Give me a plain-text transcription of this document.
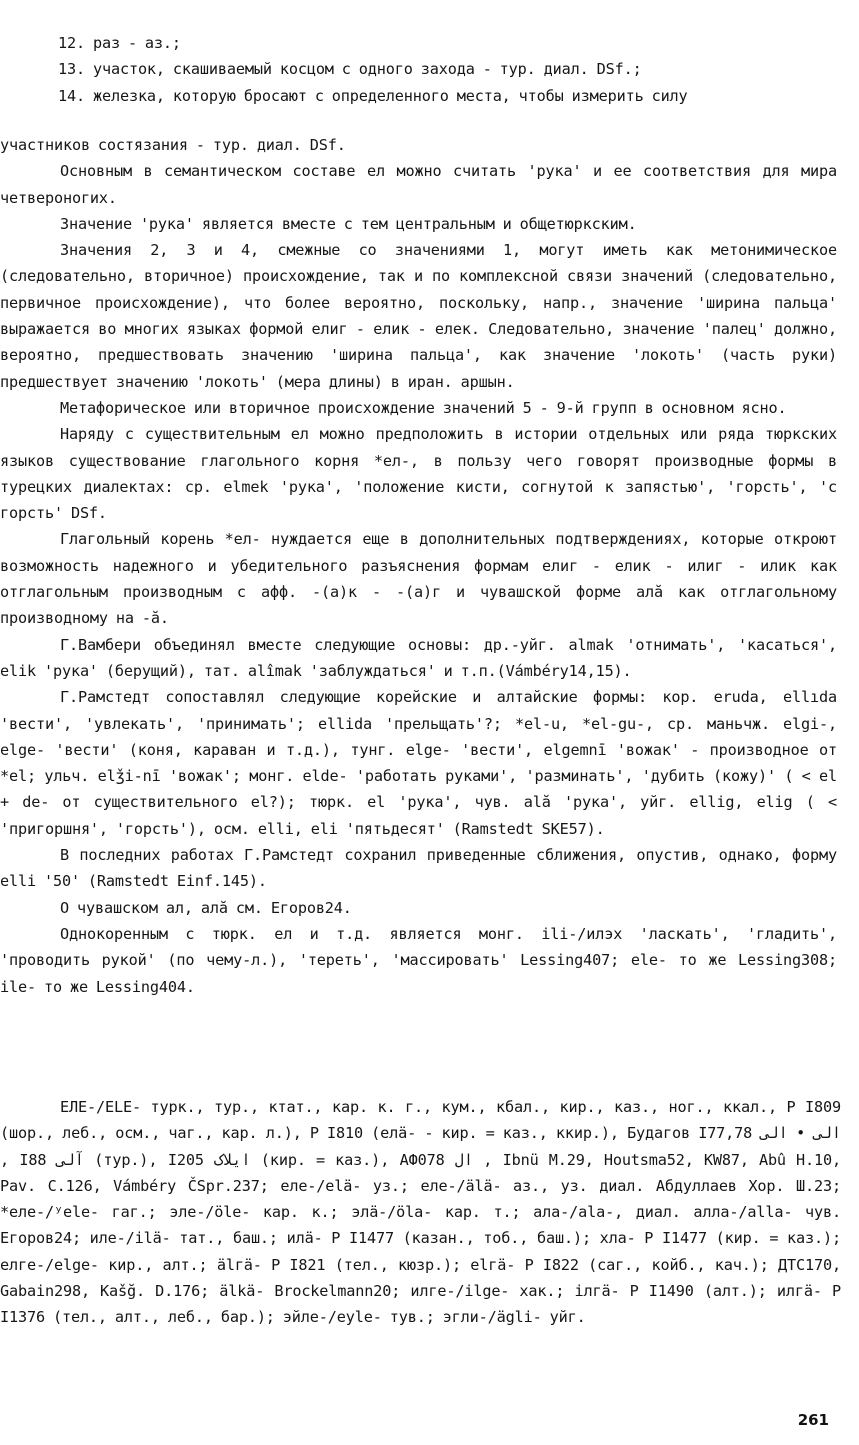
12. раз - аз.;
13. участок, скашиваемый косцом с одного захода - тур. диал. DSf.;
14. железка, которую бросают с определенного места, чтобы измерить силу
участников состязания - тур. диал. DSf.
Основным в семантическом составе ел можно считать 'рука' и ее соответствия для мира четвероногих.
Значение 'рука' является вместе с тем центральным и общетюркским.
Значения 2, 3 и 4, смежные со значениями 1, могут иметь как метонимическое (следовательно, вторичное) происхождение, так и по комплексной связи значений (следовательно, первичное происхождение), что более вероятно, поскольку, напр., значение 'ширина пальца' выражается во многих языках формой елиг - елик - елек. Следовательно, значение 'палец' должно, вероятно, предшествовать значению 'ширина пальца', как значение 'локоть' (часть руки) предшествует значению 'локоть' (мера длины) в иран. аршын.
Метафорическое или вторичное происхождение значений 5 - 9-й групп в основном ясно.
Наряду с существительным ел можно предположить в истории отдельных или ряда тюркских языков существование глагольного корня *ел-, в пользу чего говорят производные формы в турецких диалектах: ср. elmek 'рука', 'положение кисти, согнутой к запястью', 'горсть', 'с горсть' DSf.
Глагольный корень *ел- нуждается еще в дополнительных подтверждениях, которые откроют возможность надежного и убедительного разъяснения формам елиг - елик - илиг - илик как отглагольным производным с афф. -(а)к - -(а)г и чувашской форме алă как отглагольному производному на -ă.
Г.Вамбери объединял вместе следующие основы: др.-уйг. almak 'отнимать', 'касаться', elik 'рука' (берущий), тат. alîmak 'заблуждаться' и т.п.(Vámbéry14,15).
Г.Рамстедт сопоставлял следующие корейские и алтайские формы: кор. eruda, ellıda 'вести', 'увлекать', 'принимать'; ellida 'прельщать'?; *el-u, *el-gu-, ср. маньчж. elgi-, elge- 'вести' (коня, караван и т.д.), тунг. elge- 'вести', elgemnī 'вожак' - производное от *el; ульч. elǯi-nī 'вожак'; монг. elde- 'работать руками', 'разминать', 'дубить (кожу)' ( < el + de- от существительного el?); тюрк. el 'рука', чув. ală 'рука', уйг. ellig, elig ( < 'пригоршня', 'горсть'), осм. elli, eli 'пятьдесят' (Ramstedt SKE57).
В последних работах Г.Рамстедт сохранил приведенные сближения, опустив, однако, форму elli '50' (Ramstedt Einf.145).
О чувашском ал, алă см. Егоров24.
Однокоренным с тюрк. ел и т.д. является монг. ili-/илэх 'ласкать', 'гладить', 'проводить рукой' (по чему-л.), 'тереть', 'массировать' Lessing407; ele- то же Lessing308; ile- то же Lessing404.
ЕЛЕ-/ELE- турк., тур., ктат., кар. к. г., кум., кбал., кир., каз., ног., ккал., P I809 (шор., леб., осм., чаг., кар. л.), P I810 (eлä- - кир. = каз., ккир.), Будагов I77,78 الی • الی , I88 آلی (тур.), I205 ايلاک (кир. = каз.), АФ078 ال , Ibnü M.29, Houtsma52, KW87, Abû H.10, Pav. C.126, Vámbéry ČSpr.237; еле-/elä- уз.; еле-/älä- аз., уз. диал. Абдуллаев Хор. Ш.23; *еле-/ʸele- гаг.; эле-/öle- кар. к.; элä-/öla- кар. т.; ала-/ala-, диал. алла-/alla- чув. Егоров24; иле-/ilä- тат., баш.; илä- P I1477 (казан., тоб., баш.); хла- P I1477 (кир. = каз.); елге-/elge- кир., алт.; älгä- P I821 (тел., кюзр.); elгä- P I822 (саг., койб., кач.); ДТС170, Gabain298, Kašğ. D.176; älkä- Brockelmann20; илге-/ilge- хак.; iлгä- P I1490 (алт.); илгä- P I1376 (тел., алт., леб., бар.); эйле-/eyle- тув.; эгли-/ägli- уйг.
261
